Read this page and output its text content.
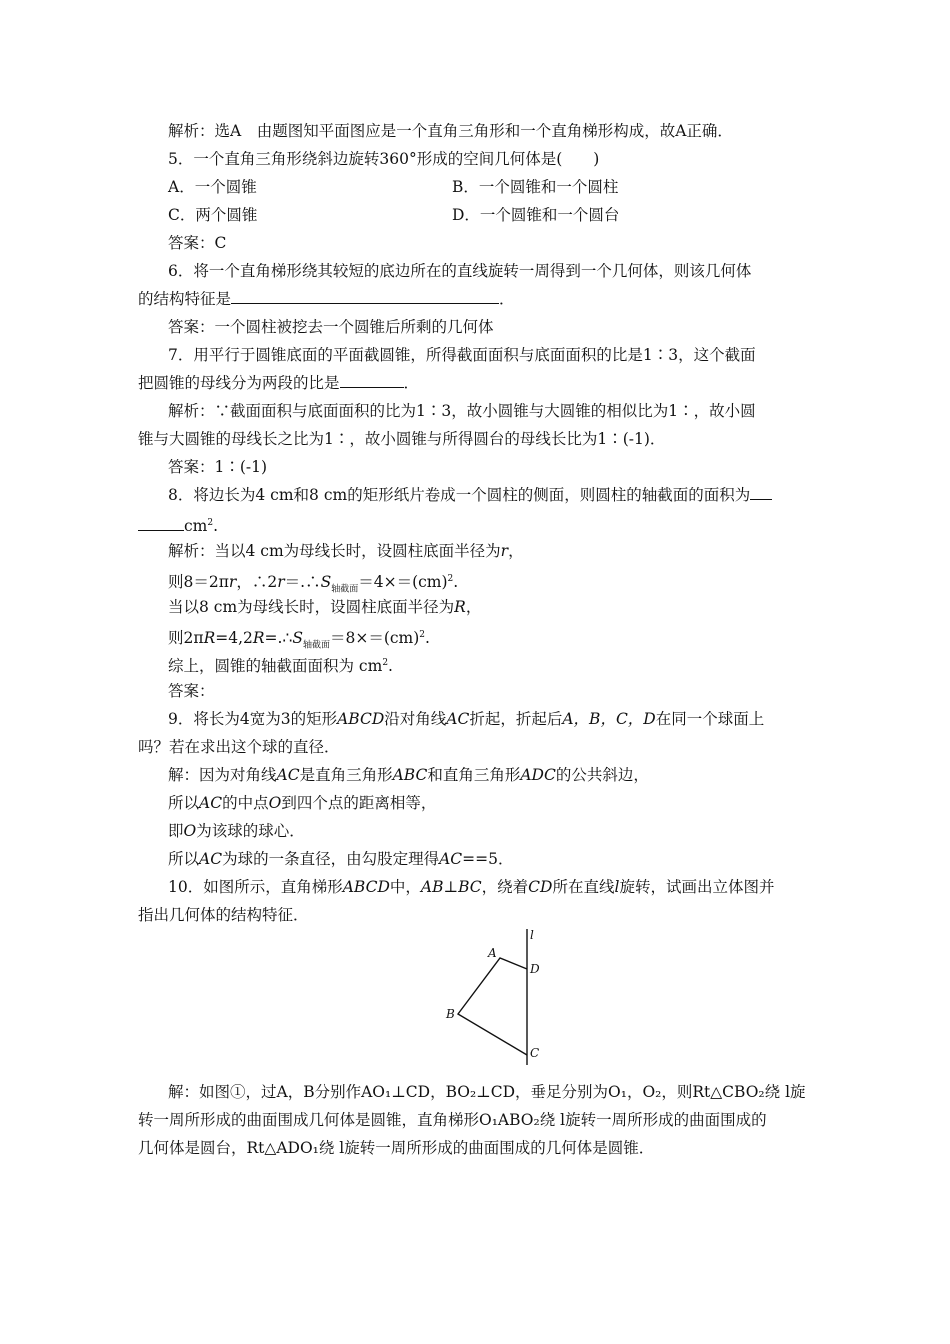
解析：选A　由题图知平面图应是一个直角三角形和一个直角梯形构成，故A正确．
5．一个直角三角形绕斜边旋转360°形成的空间几何体是(　　)
A．一个圆锥	B．一个圆锥和一个圆柱
C．两个圆锥	D．一个圆锥和一个圆台
答案：C
6．将一个直角梯形绕其较短的底边所在的直线旋转一周得到一个几何体，则该几何体
的结构特征是	．
答案：一个圆柱被挖去一个圆锥后所剩的几何体
7．用平行于圆锥底面的平面截圆锥，所得截面面积与底面面积的比是1∶3，这个截面
把圆锥的母线分为两段的比是	．
解析：∵截面面积与底面面积的比为1∶3，故小圆锥与大圆锥的相似比为1∶，故小圆
锥与大圆锥的母线长之比为1∶，故小圆锥与所得圆台的母线长比为1∶(-1)．
答案：1∶(-1)
8．将边长为4 cm和8 cm的矩形纸片卷成一个圆柱的侧面，则圆柱的轴截面的面积为
$cm^2$.
解析：当以4 cm为母线长时，设圆柱底面半径为r，
则8＝2πr，$\therefore 2r=.\therefore S_{轴截面}=4\times=(cm)^2$.
当以8 cm为母线长时，设圆柱底面半径为R，
则$2\pi R=4,2R=.\therefore S_{轴截面}=8\times=(cm)^2$.
综上，圆锥的轴截面面积为 $cm^2$.
答案：
9．将长为4宽为3的矩形ABCD沿对角线AC折起，折起后A，B，C，D在同一个球面上
吗？若在求出这个球的直径．
解：因为对角线AC是直角三角形ABC和直角三角形ADC的公共斜边，
所以AC的中点O到四个点的距离相等，
即O为该球的球心．
所以AC为球的一条直径，由勾股定理得AC==5．
10．如图所示，直角梯形ABCD中，AB⊥BC，绕着CD所在直线l旋转，试画出立体图并
指出几何体的结构特征．
l
A
D
B
C
解：如图①，过A，B分别作AO₁⊥CD，BO₂⊥CD，垂足分别为O₁，O₂，则Rt△CBO₂绕 l旋
转一周所形成的曲面围成几何体是圆锥，直角梯形O₁ABO₂绕 l旋转一周所形成的曲面围成的
几何体是圆台，Rt△ADO₁绕 l旋转一周所形成的曲面围成的几何体是圆锥．
